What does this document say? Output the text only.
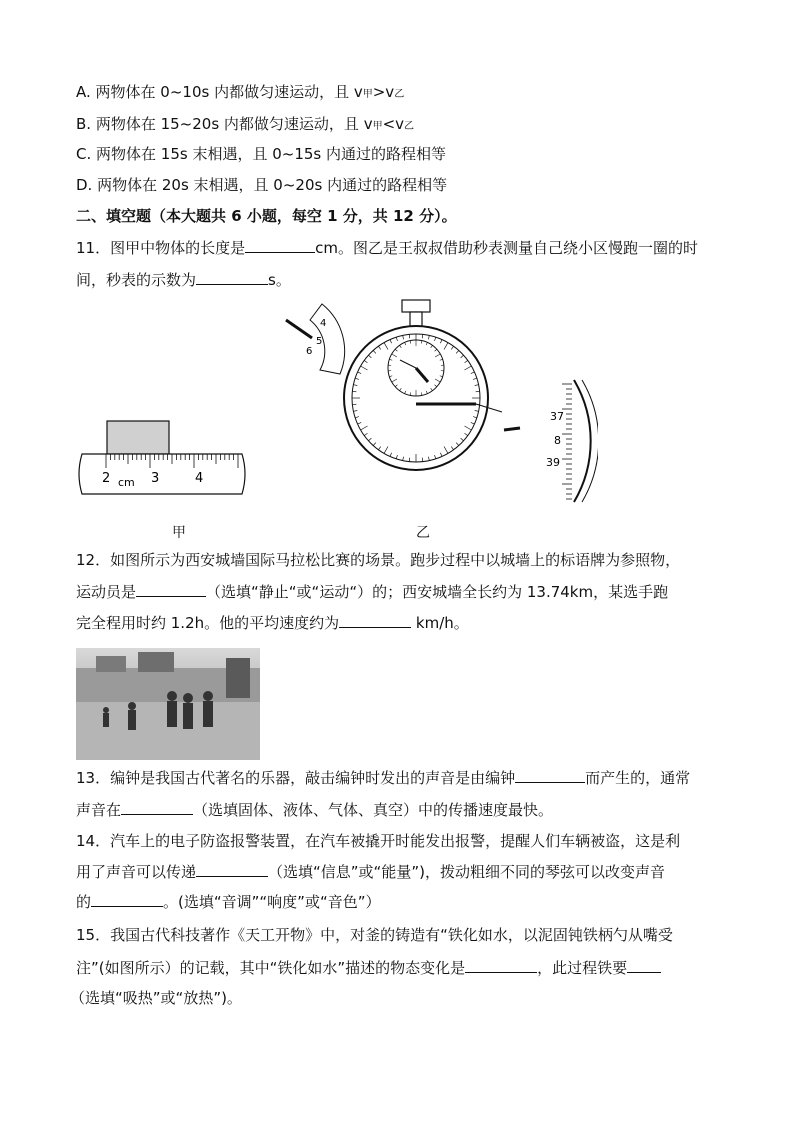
A. 两物体在 0~10s 内都做匀速运动，且 v甲>v乙
B. 两物体在 15~20s 内都做匀速运动，且 v甲<v乙
C. 两物体在 15s 末相遇，且 0~15s 内通过的路程相等
D. 两物体在 20s 末相遇，且 0~20s 内通过的路程相等
二、填空题（本大题共 6 小题，每空 1 分，共 12 分）。
11．图甲中物体的长度是	cm。图乙是王叔叔借助秒表测量自己绕小区慢跑一圈的时
间，秒表的示数为	s。
2 cm 3	4
4
5
6
37
8
39
甲	乙
12．如图所示为西安城墙国际马拉松比赛的场景。跑步过程中以城墙上的标语牌为参照物，
运动员是	（选填“静止“或“运动“）的；西安城墙全长约为 13.74km，某选手跑
完全程用时约 1.2h。他的平均速度约为	km/h。
13．编钟是我国古代著名的乐器，敲击编钟时发出的声音是由编钟	而产生的，通常
声音在	（选填固体、液体、气体、真空）中的传播速度最快。
14．汽车上的电子防盗报警装置，在汽车被撬开时能发出报警，提醒人们车辆被盗，这是利
用了声音可以传递	（选填“信息”或“能量”)，拨动粗细不同的琴弦可以改变声音
的	。(选填“音调”“响度”或“音色”）
15．我国古代科技著作《天工开物》中，对釜的铸造有“铁化如水，以泥固钝铁柄勺从嘴受
注”(如图所示）的记载，其中“铁化如水”描述的物态变化是	，此过程铁要
（选填“吸热”或“放热”)。
